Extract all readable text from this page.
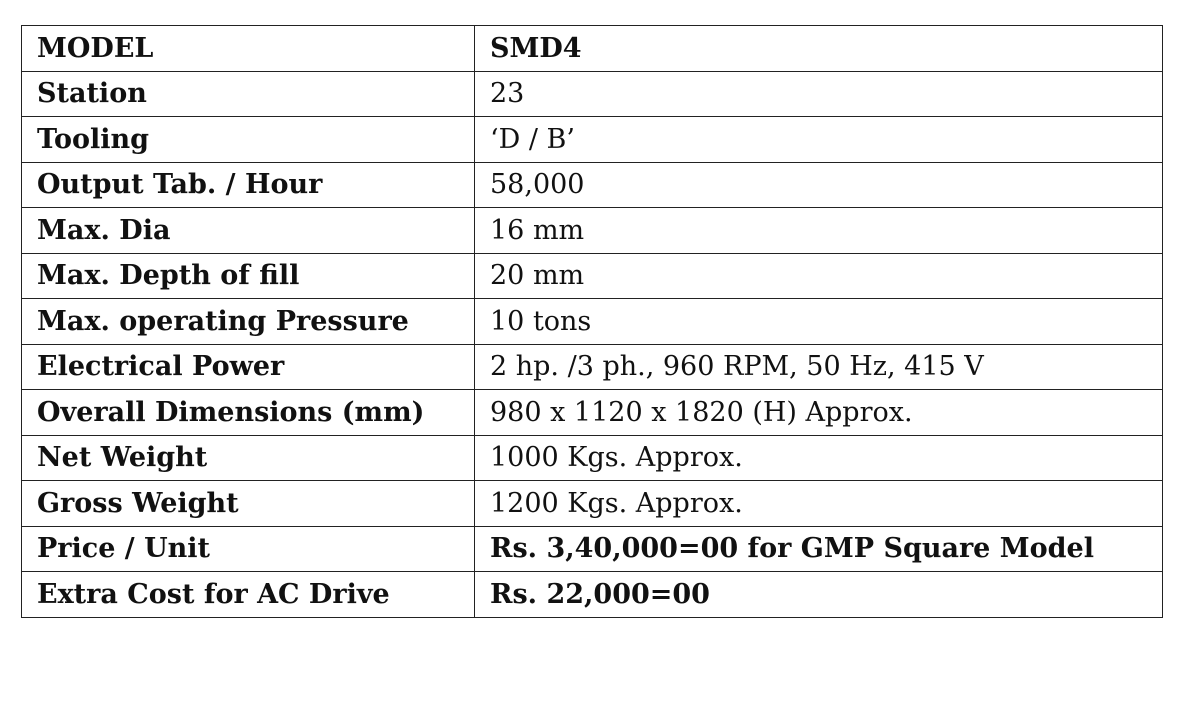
MODEL	SMD4
Station	23
Tooling	‘D / B’
Output Tab. / Hour	58,000
Max. Dia	16 mm
Max. Depth of fill	20 mm
Max. operating Pressure	10 tons
Electrical Power	2 hp. /3 ph., 960 RPM, 50 Hz, 415 V
Overall Dimensions (mm)	980 x 1120 x 1820 (H) Approx.
Net Weight	1000 Kgs. Approx.
Gross Weight	1200 Kgs. Approx.
Price / Unit	Rs. 3,40,000=00 for GMP Square Model
Extra Cost for AC Drive	Rs. 22,000=00
